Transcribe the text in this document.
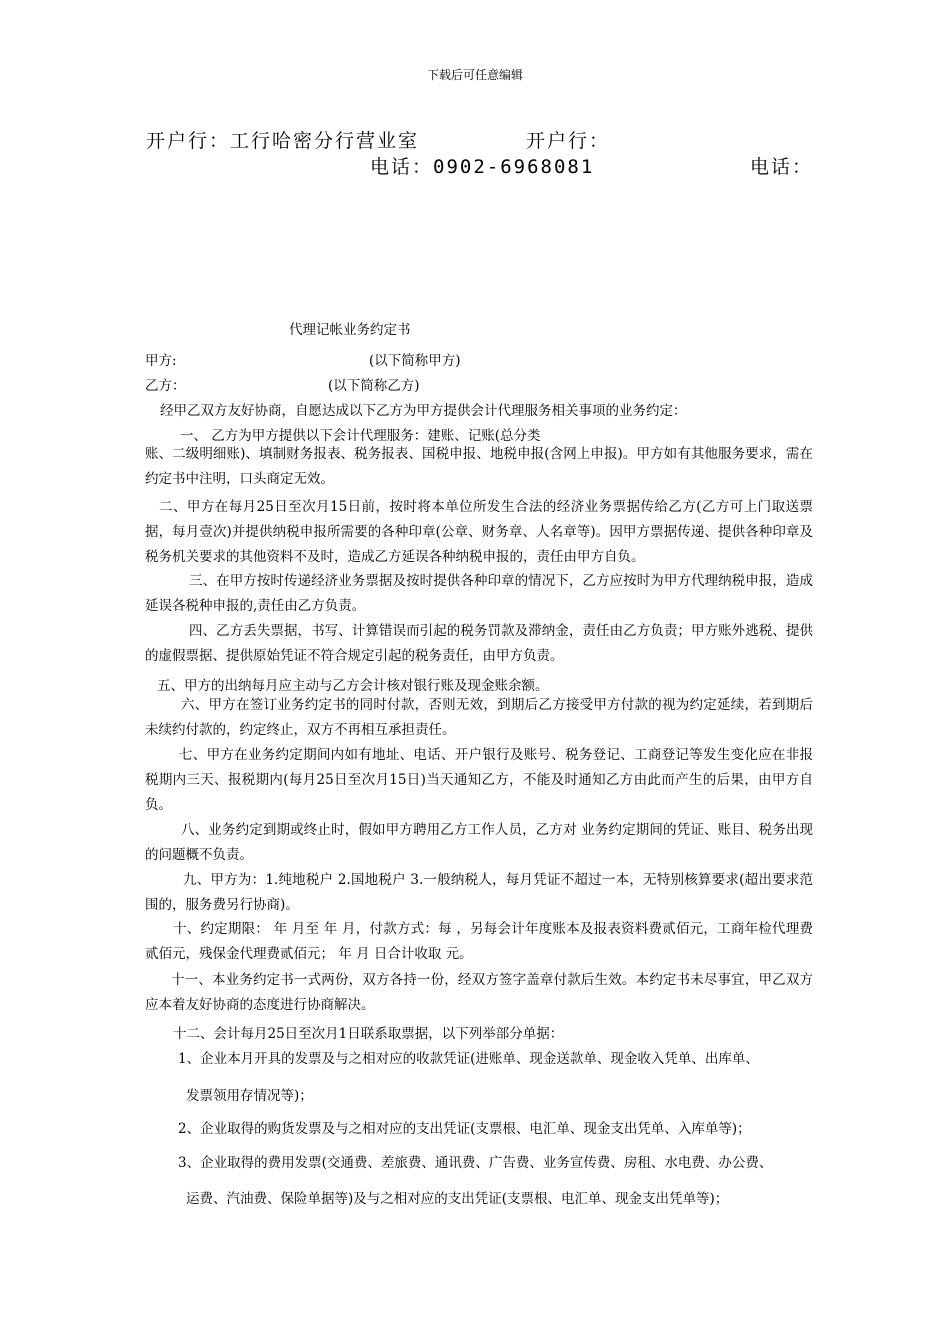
下载后可任意编辑
开户行：工行哈密分行营业室	开户行：
电话：0902-6968081	电话：
代理记帐业务约定书
甲方:	(以下简称甲方)
乙方：	(以下简称乙方)
经甲乙双方友好协商，自愿达成以下乙方为甲方提供会计代理服务相关事项的业务约定：
一、 乙方为甲方提供以下会计代理服务：建账、记账(总分类
账、二级明细账)、填制财务报表、税务报表、国税申报、地税申报(含网上申报)。甲方如有其他服务要求，需在约定书中注明，口头商定无效。
二、甲方在每月25日至次月15日前，按时将本单位所发生合法的经济业务票据传给乙方(乙方可上门取送票据，每月壹次)并提供纳税申报所需要的各种印章(公章、财务章、人名章等)。因甲方票据传递、提供各种印章及税务机关要求的其他资料不及时，造成乙方延误各种纳税申报的，责任由甲方自负。
三、在甲方按时传递经济业务票据及按时提供各种印章的情况下，乙方应按时为甲方代理纳税申报，造成延误各税种申报的,责任由乙方负责。
四、乙方丢失票据，书写、计算错误而引起的税务罚款及滞纳金，责任由乙方负责；甲方账外逃税、提供的虚假票据、提供原始凭证不符合规定引起的税务责任，由甲方负责。
五、甲方的出纳每月应主动与乙方会计核对银行账及现金账余额。
六、甲方在签订业务约定书的同时付款，否则无效，到期后乙方接受甲方付款的视为约定延续，若到期后未续约付款的，约定终止，双方不再相互承担责任。
七、甲方在业务约定期间内如有地址、电话、开户银行及账号、税务登记、工商登记等发生变化应在非报税期内三天、报税期内(每月25日至次月15日)当天通知乙方，不能及时通知乙方由此而产生的后果，由甲方自负。
八、业务约定到期或终止时，假如甲方聘用乙方工作人员，乙方对 业务约定期间的凭证、账目、税务出现的问题概不负责。
九、甲方为：1.纯地税户 2.国地税户 3.一般纳税人，每月凭证不超过一本，无特别核算要求(超出要求范围的，服务费另行协商)。
十、约定期限： 年 月至 年 月，付款方式：每 ，另每会计年度账本及报表资料费贰佰元，工商年检代理费贰佰元，残保金代理费贰佰元； 年 月 日合计收取 元。
十一、本业务约定书一式两份，双方各持一份，经双方签字盖章付款后生效。本约定书未尽事宜，甲乙双方应本着友好协商的态度进行协商解决。
十二、会计每月25日至次月1日联系取票据，以下列举部分单据：
1、企业本月开具的发票及与之相对应的收款凭证(进账单、现金送款单、现金收入凭单、出库单、
发票领用存情况等)；
2、企业取得的购货发票及与之相对应的支出凭证(支票根、电汇单、现金支出凭单、入库单等)；
3、企业取得的费用发票(交通费、差旅费、通讯费、广告费、业务宣传费、房租、水电费、办公费、
运费、汽油费、保险单据等)及与之相对应的支出凭证(支票根、电汇单、现金支出凭单等)；
